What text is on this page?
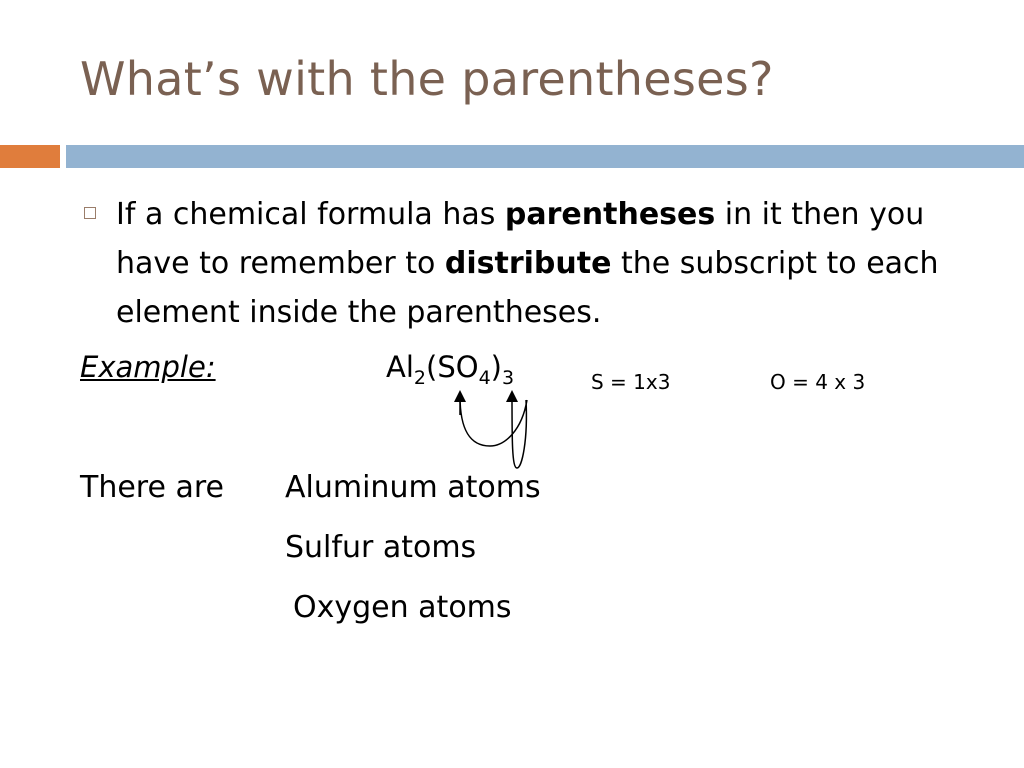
What’s with the parentheses?
If a chemical formula has parentheses in it then you have to remember to distribute the subscript to each element inside the parentheses.
Example:	$Al_2(SO_4)_3$	S = 1x3	O = 4 x 3
There are Aluminum atoms
Sulfur atoms
Oxygen atoms
